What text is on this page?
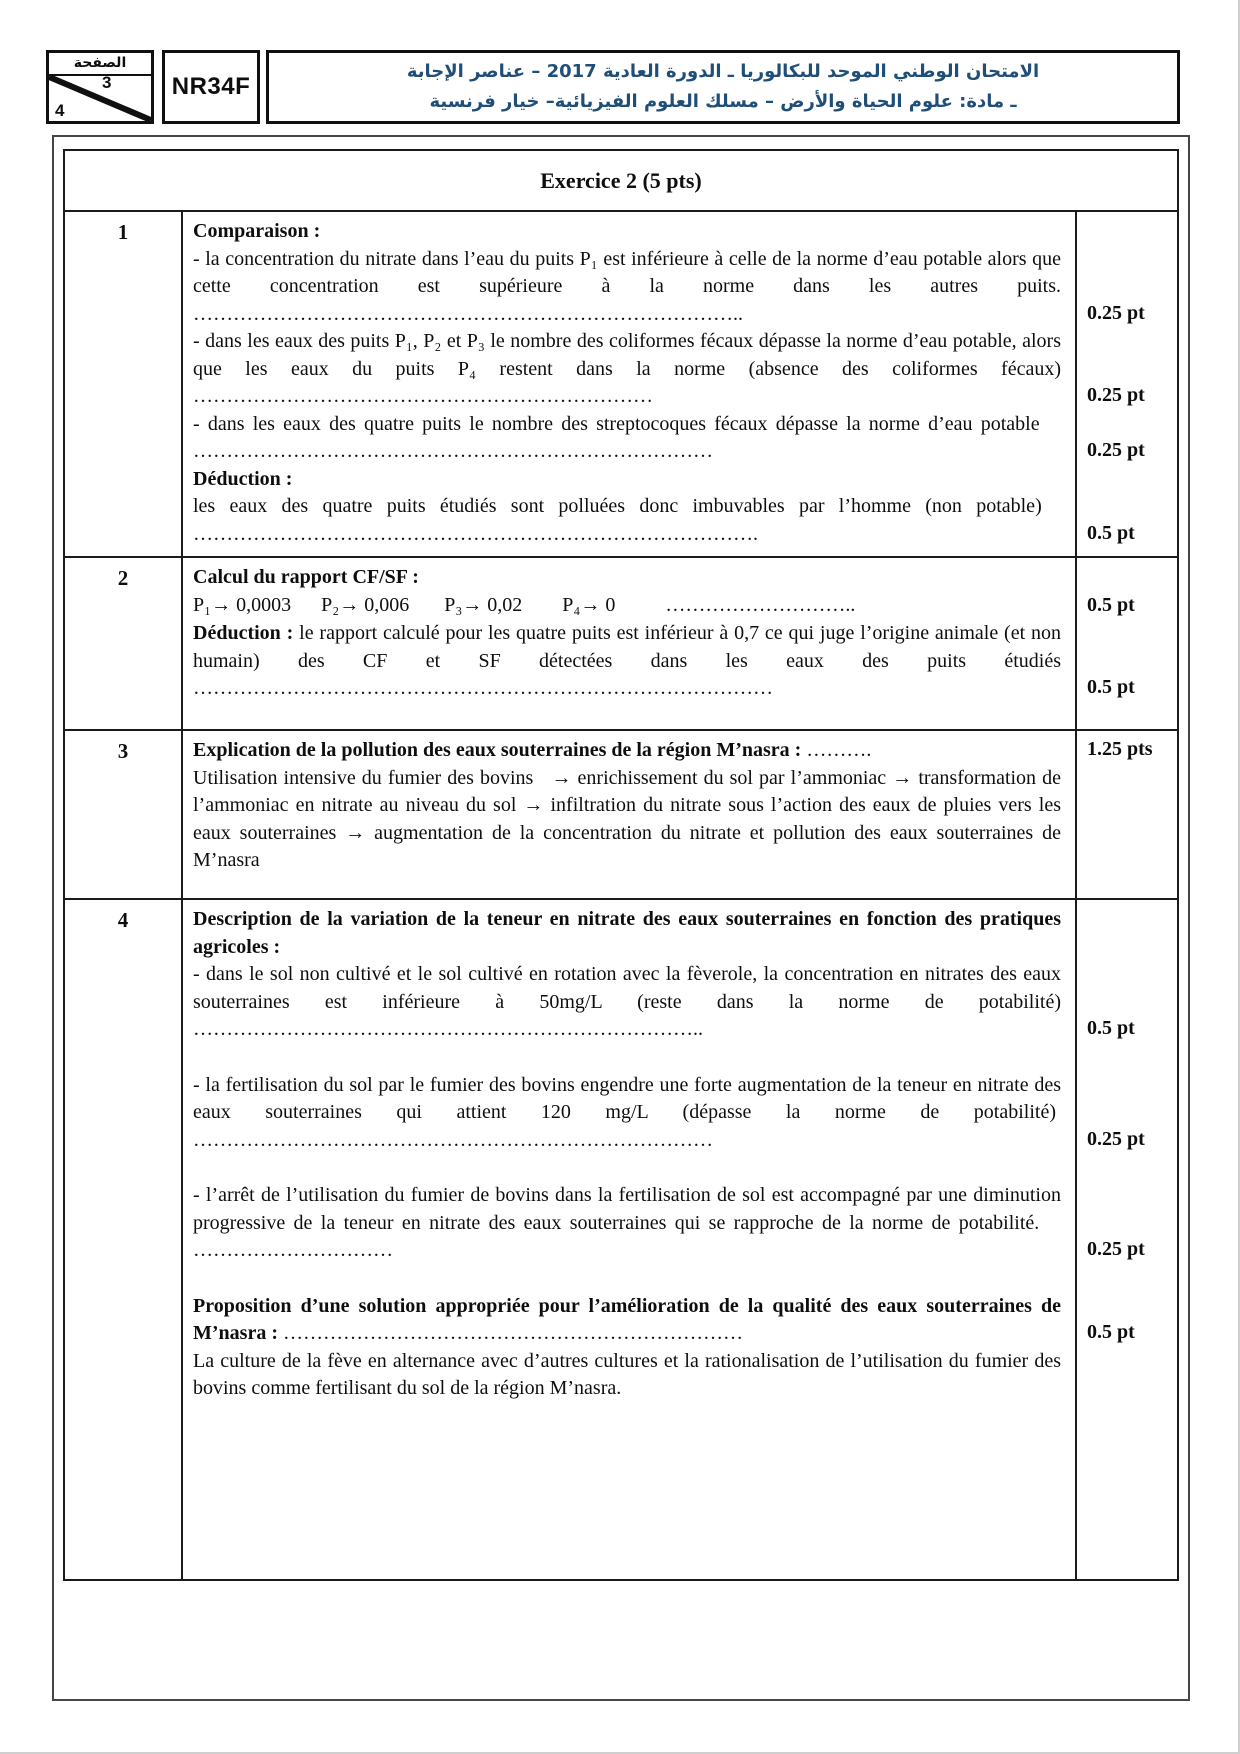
الصفحة
3
4
NR34F
الامتحان الوطني الموحد للبكالوريا ـ الدورة العادية 2017 – عناصر الإجابة
ـ مادة: علوم الحياة والأرض – مسلك العلوم الفيزيائية– خيار فرنسية
Exercice 2 (5 pts)
1	Comparaison :
- la concentration du nitrate dans l’eau du puits P₁ est inférieure à celle de la norme d’eau potable alors que cette concentration est supérieure à la norme dans les autres puits. ………………………………………………………………………..	0.25 pt
- dans les eaux des puits P₁, P₂ et P₃ le nombre des coliformes fécaux dépasse la norme d’eau potable, alors que les eaux du puits P₄ restent dans la norme (absence des coliformes fécaux) ……………………………………………………………	0.25 pt
- dans les eaux des quatre puits le nombre des streptocoques fécaux dépasse la norme d’eau potable    ……………………………………………………………………	0.25 pt
Déduction :
les eaux des quatre puits étudiés sont polluées donc imbuvables par l’homme (non potable)   ………………………………………………………………………….	0.5 pt
2	Calcul du rapport CF/SF :
P₁→ 0,0003      P₂→ 0,006       P₃→ 0,02        P₄→ 0          ………………………..	0.5 pt
Déduction : le rapport calculé pour les quatre puits est inférieur à 0,7 ce qui juge l’origine animale (et non humain) des CF et SF détectées dans les eaux des puits étudiés ……………………………………………………………………………	0.5 pt
3	Explication de la pollution des eaux souterraines de la région M’nasra : ……….	1.25 pts
Utilisation intensive du fumier des bovins   → enrichissement du sol par l’ammoniac → transformation de l’ammoniac en nitrate au niveau du sol → infiltration du nitrate sous l’action des eaux de pluies vers les eaux souterraines → augmentation de la concentration du nitrate et pollution des eaux souterraines de M’nasra
4	Description de la variation de la teneur en nitrate des eaux souterraines en fonction des pratiques agricoles :
- dans le sol non cultivé et le sol cultivé en rotation avec la fèverole, la concentration en nitrates des eaux souterraines est inférieure à 50mg/L (reste dans la norme de potabilité) …………………………………………………………………..	0.5 pt
- la fertilisation du sol par le fumier des bovins engendre une forte augmentation de la teneur en nitrate des eaux souterraines qui attient 120 mg/L (dépasse la norme de potabilité)  ……………………………………………………………………	0.25 pt
- l’arrêt de l’utilisation du fumier de bovins dans la fertilisation de sol est accompagné par une diminution progressive de la teneur en nitrate des eaux souterraines qui se rapproche de la norme de potabilité.    …………………………	0.25 pt
Proposition d’une solution appropriée pour l’amélioration de la qualité des eaux souterraines de M’nasra : ……………………………………………………………	0.5 pt
La culture de la fève en alternance avec d’autres cultures et la rationalisation de l’utilisation du fumier des bovins comme fertilisant du sol de la région M’nasra.
